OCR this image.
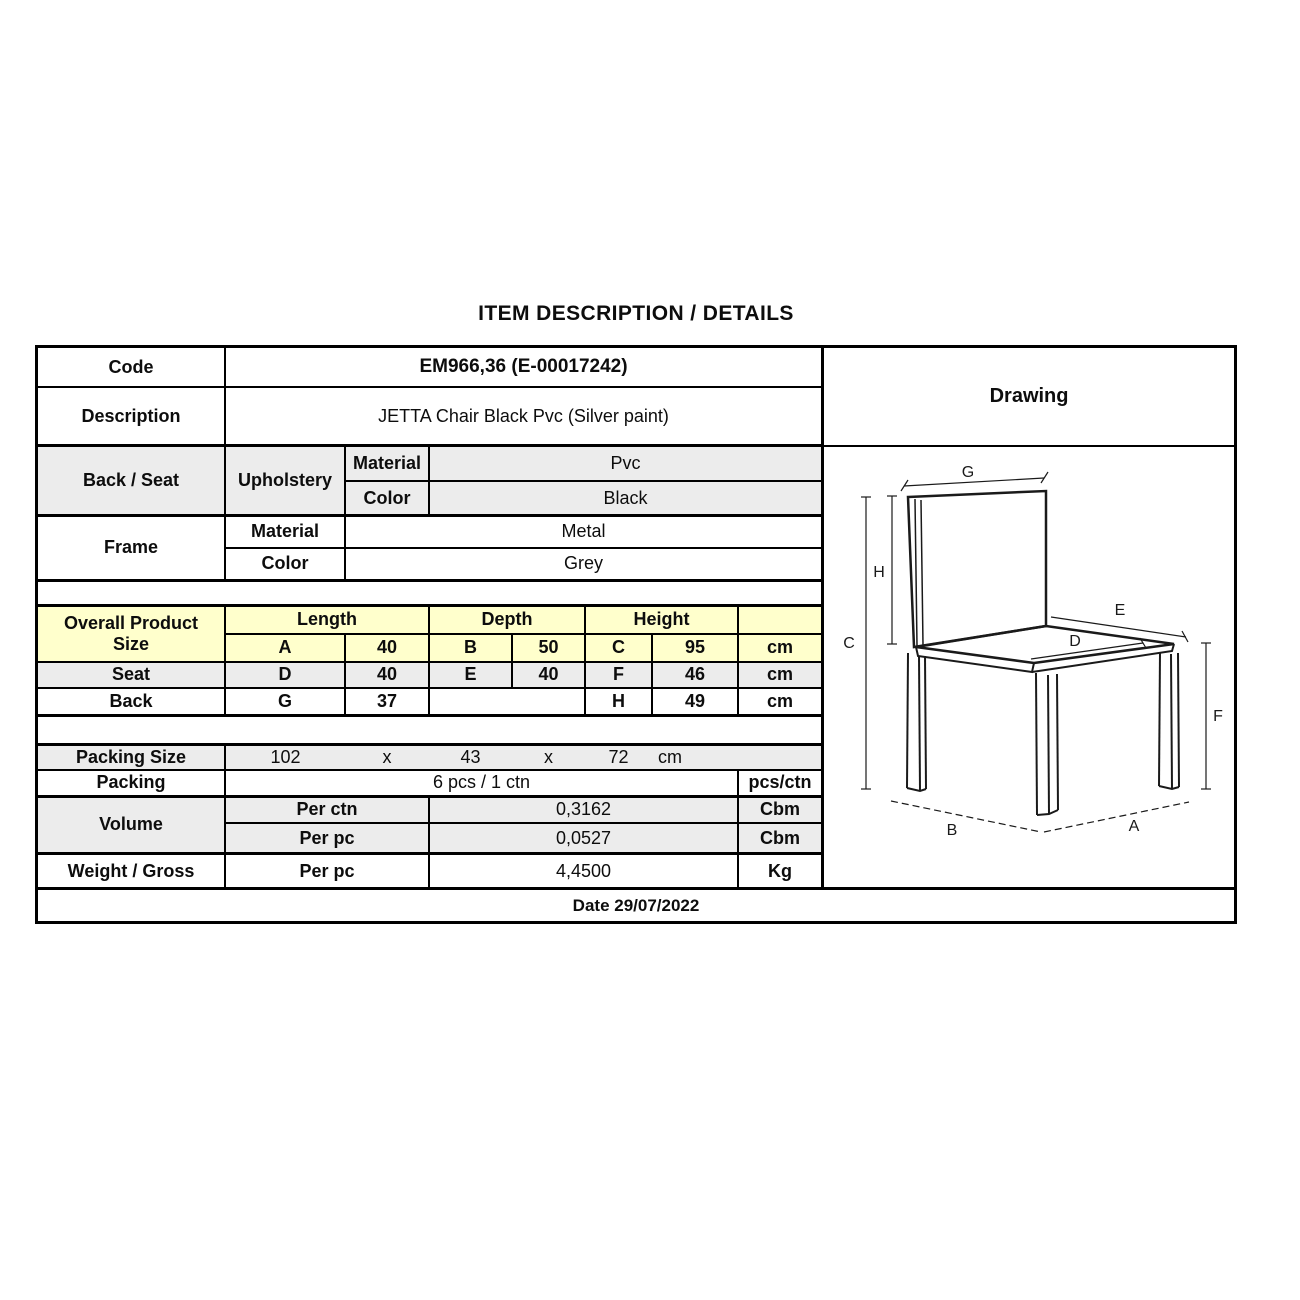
ITEM DESCRIPTION / DETAILS
Code	EM966,36 (E-00017242)						
Description	JETTA Chair Black Pvc (Silver paint)						
Back / Seat	Upholstery	Material	Pvc				
		Color	Black				
Frame	Material	Metal					
	Color	Grey					

Overall Product
Size	Length		Depth		Height		
	A	40	B	50	C	95	cm
Seat	D	40	E	40	F	46	cm
Back	G	37			H	49	cm

Packing Size	102	x	43	x	72	cm	
Packing	6 pcs / 1 ctn						pcs/ctn
Volume	Per ctn		0,3162				Cbm
	Per pc		0,0527				Cbm
Weight / Gross	Per pc		4,4500				Kg
Drawing
G
H
C
E
D
F
B	A
Date 29/07/2022
